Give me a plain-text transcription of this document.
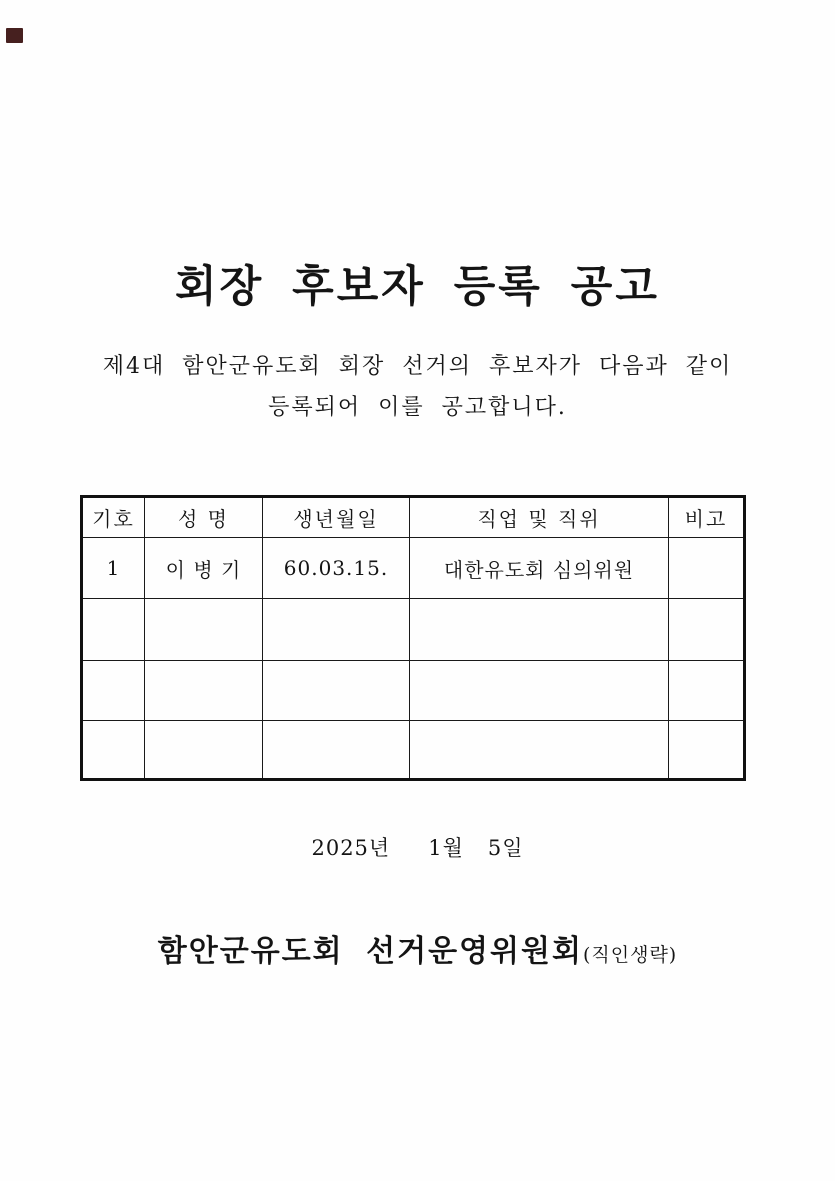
회장 후보자 등록 공고
제4대 함안군유도회 회장 선거의 후보자가 다음과 같이
등록되어 이를 공고합니다.
기호	성 명	생년월일	직업 및 직위	비고
1	이 병 기	60.03.15.	대한유도회 심의위원	

2025년 1월 5일
함안군유도회 선거운영위원회 (직인생략)
